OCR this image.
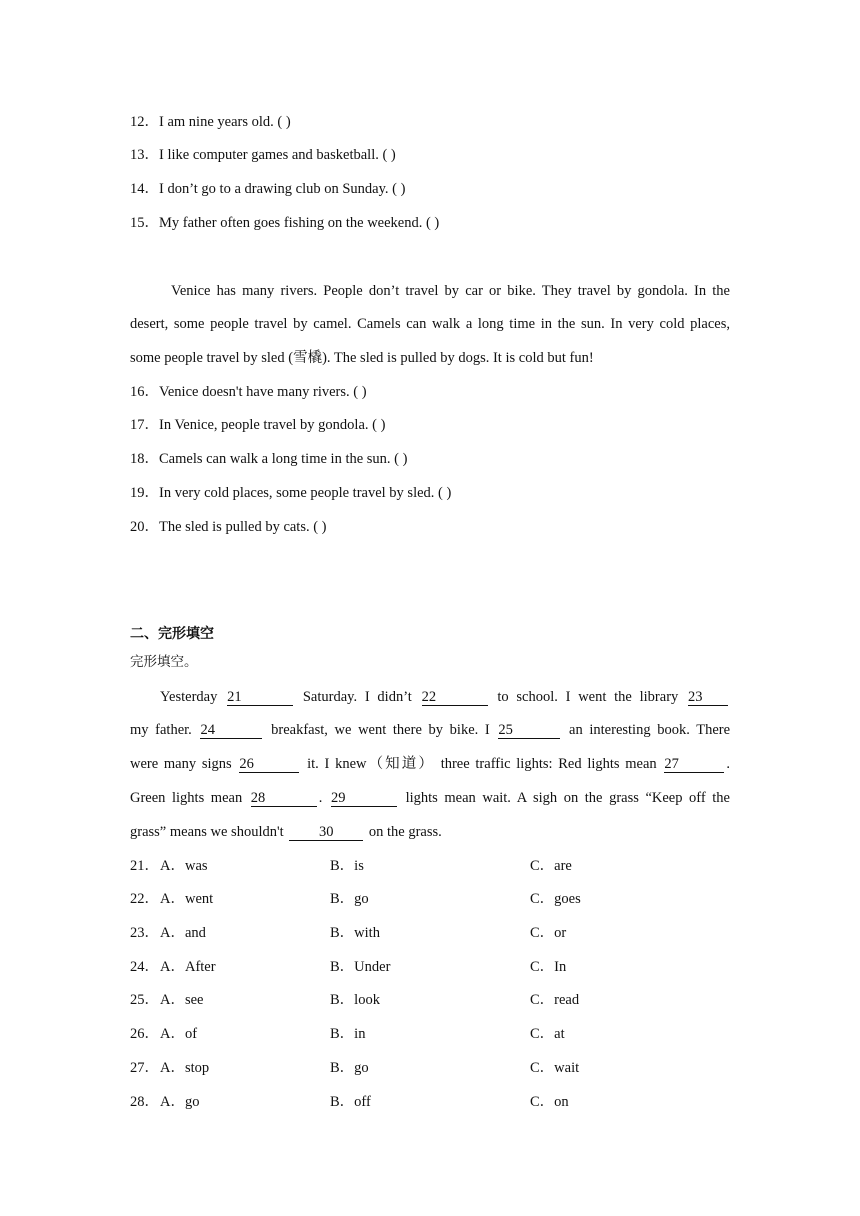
12．I am nine years old. ( )
13．I like computer games and basketball. ( )
14．I don’t go to a drawing club on Sunday. ( )
15．My father often goes fishing on the weekend. ( )
Venice has many rivers. People don’t travel by car or bike. They travel by gondola. In the
desert, some people travel by camel. Camels can walk a long time in the sun. In very cold places,
some people travel by sled (雪橇). The sled is pulled by dogs. It is cold but fun!
16．Venice doesn't have many rivers. ( )
17．In Venice, people travel by gondola. ( )
18．Camels can walk a long time in the sun. ( )
19．In very cold places, some people travel by sled. ( )
20．The sled is pulled by cats. ( )
二、完形填空
完形填空。
Yesterday 21	Saturday. I didn’t 22	to school. I went the library 23
my father. 24	breakfast, we went there by bike. I 25	an interesting book. There
were many signs 26	it. I knew（知道） three traffic lights: Red lights mean 27	.
Green lights mean 28	. 29	lights mean wait. A sigh on the grass “Keep off the
grass” means we shouldn't 30 on the grass.
21． A．was	B．is	C．are
22． A．went	B．go	C．goes
23． A．and	B．with	C．or
24． A．After	B．Under	C．In
25． A．see	B．look	C．read
26． A．of	B．in	C．at
27． A．stop	B．go	C．wait
28． A．go	B．off	C．on
